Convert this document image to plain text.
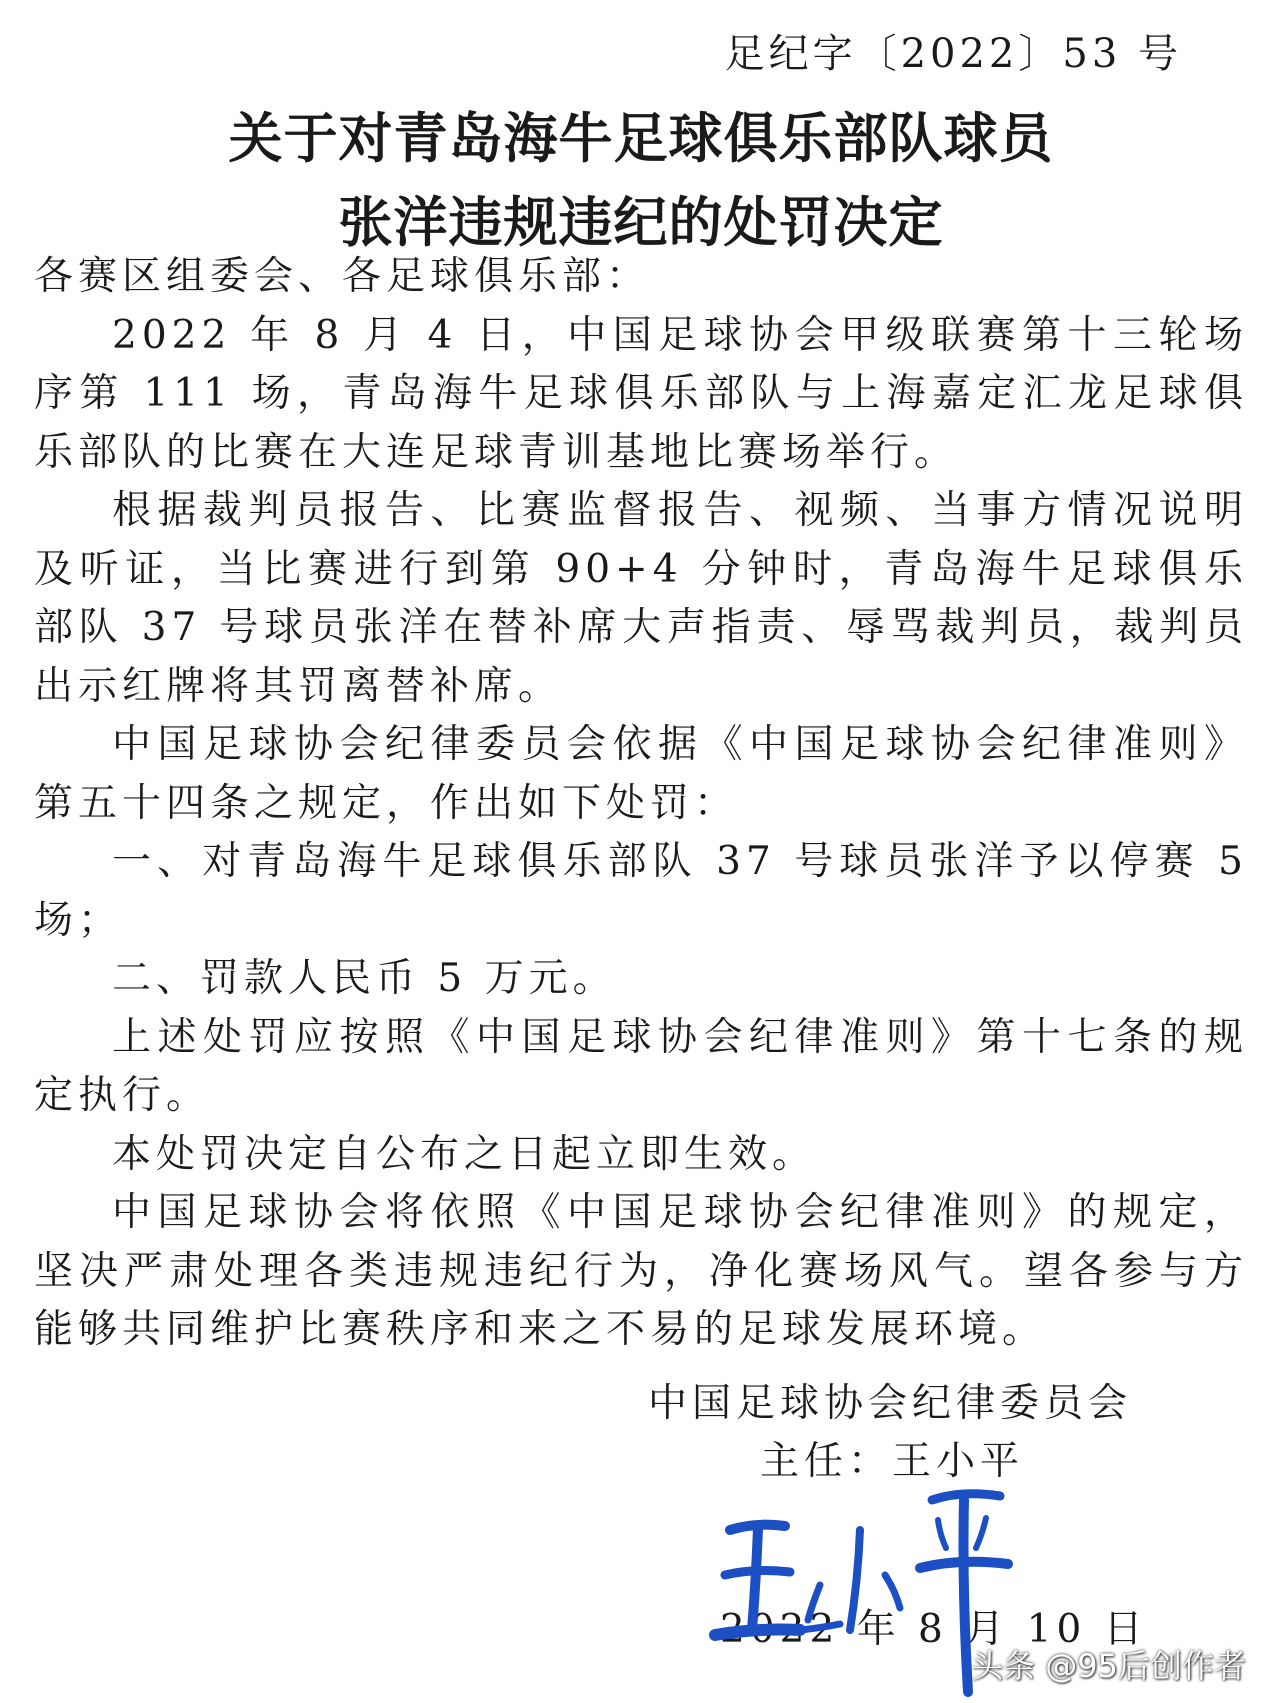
足纪字〔2022〕53 号
关于对青岛海牛足球俱乐部队球员
张洋违规违纪的处罚决定

各赛区组委会、各足球俱乐部：

2022 年 8 月 4 日，中国足球协会甲级联赛第十三轮场序第 111 场，青岛海牛足球俱乐部队与上海嘉定汇龙足球俱乐部队的比赛在大连足球青训基地比赛场举行。

根据裁判员报告、比赛监督报告、视频、当事方情况说明及听证，当比赛进行到第 90+4 分钟时，青岛海牛足球俱乐部队 37 号球员张洋在替补席大声指责、辱骂裁判员，裁判员出示红牌将其罚离替补席。

中国足球协会纪律委员会依据《中国足球协会纪律准则》第五十四条之规定，作出如下处罚：

一、对青岛海牛足球俱乐部队 37 号球员张洋予以停赛 5 场；

二、罚款人民币 5 万元。

上述处罚应按照《中国足球协会纪律准则》第十七条的规定执行。

本处罚决定自公布之日起立即生效。

中国足球协会将依照《中国足球协会纪律准则》的规定，坚决严肃处理各类违规违纪行为，净化赛场风气。望各参与方能够共同维护比赛秩序和来之不易的足球发展环境。

中国足球协会纪律委员会
主任：王小平
2022 年 8 月 10 日
头条 @95后创作者
